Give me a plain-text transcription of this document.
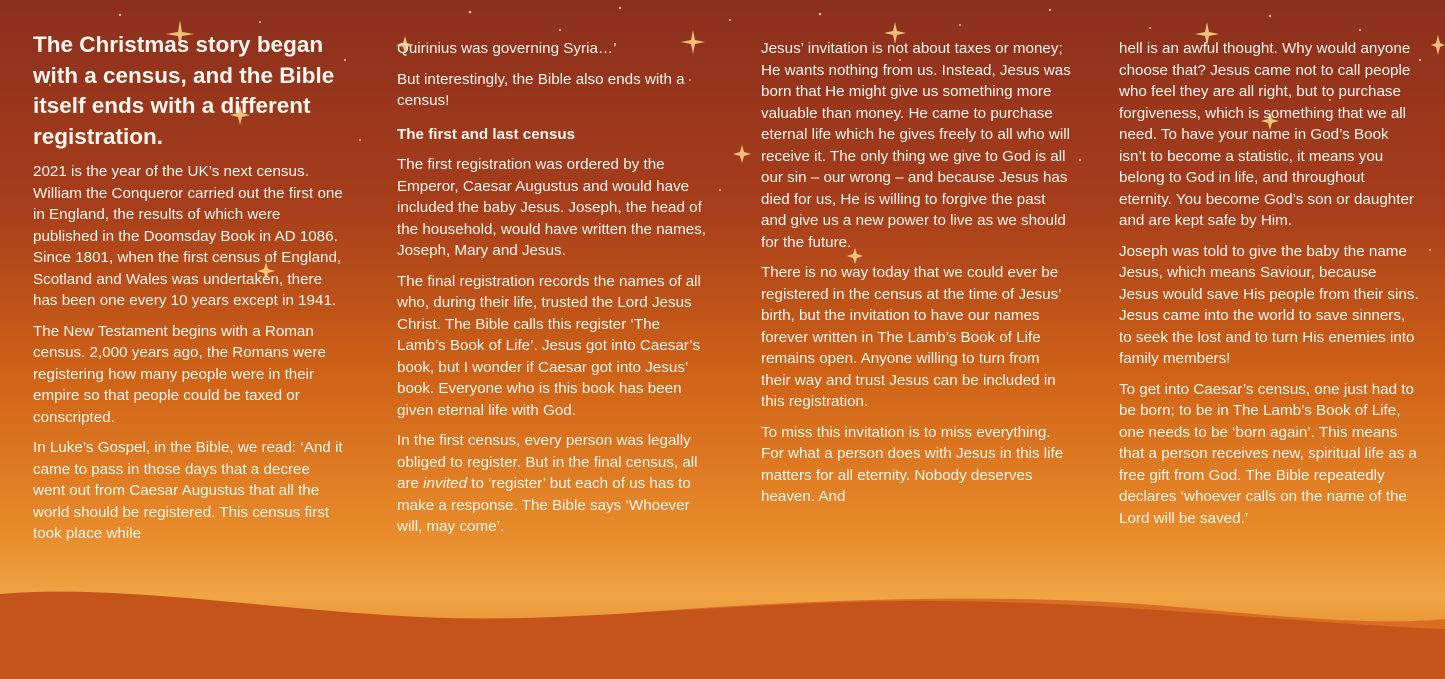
The Christmas story began with a census, and the Bible itself ends with a different registration.

2021 is the year of the UK’s next census. William the Conqueror carried out the first one in England, the results of which were published in the Doomsday Book in AD 1086. Since 1801, when the first census of England, Scotland and Wales was undertaken, there has been one every 10 years except in 1941.

The New Testament begins with a Roman census. 2,000 years ago, the Romans were registering how many people were in their empire so that people could be taxed or conscripted.

In Luke’s Gospel, in the Bible, we read: ‘And it came to pass in those days that a decree went out from Caesar Augustus that all the world should be registered. This census first took place while

Quirinius was governing Syria…’

But interestingly, the Bible also ends with a census!

The first and last census

The first registration was ordered by the Emperor, Caesar Augustus and would have included the baby Jesus. Joseph, the head of the household, would have written the names, Joseph, Mary and Jesus.

The final registration records the names of all who, during their life, trusted the Lord Jesus Christ. The Bible calls this register ‘The Lamb’s Book of Life’. Jesus got into Caesar’s book, but I wonder if Caesar got into Jesus’ book. Everyone who is this book has been given eternal life with God.

In the first census, every person was legally obliged to register. But in the final census, all are invited to ‘register’ but each of us has to make a response. The Bible says ‘Whoever will, may come’.

Jesus’ invitation is not about taxes or money; He wants nothing from us. Instead, Jesus was born that He might give us something more valuable than money. He came to purchase eternal life which he gives freely to all who will receive it. The only thing we give to God is all our sin – our wrong – and because Jesus has died for us, He is willing to forgive the past and give us a new power to live as we should for the future.

There is no way today that we could ever be registered in the census at the time of Jesus’ birth, but the invitation to have our names forever written in The Lamb’s Book of Life remains open. Anyone willing to turn from their way and trust Jesus can be included in this registration.

To miss this invitation is to miss everything. For what a person does with Jesus in this life matters for all eternity. Nobody deserves heaven. And

hell is an awful thought. Why would anyone choose that? Jesus came not to call people who feel they are all right, but to purchase forgiveness, which is something that we all need. To have your name in God’s Book isn’t to become a statistic, it means you belong to God in life, and throughout eternity. You become God’s son or daughter and are kept safe by Him.

Joseph was told to give the baby the name Jesus, which means Saviour, because Jesus would save His people from their sins. Jesus came into the world to save sinners, to seek the lost and to turn His enemies into family members!

To get into Caesar’s census, one just had to be born; to be in The Lamb’s Book of Life, one needs to be ‘born again’. This means that a person receives new, spiritual life as a free gift from God. The Bible repeatedly declares ‘whoever calls on the name of the Lord will be saved.’
